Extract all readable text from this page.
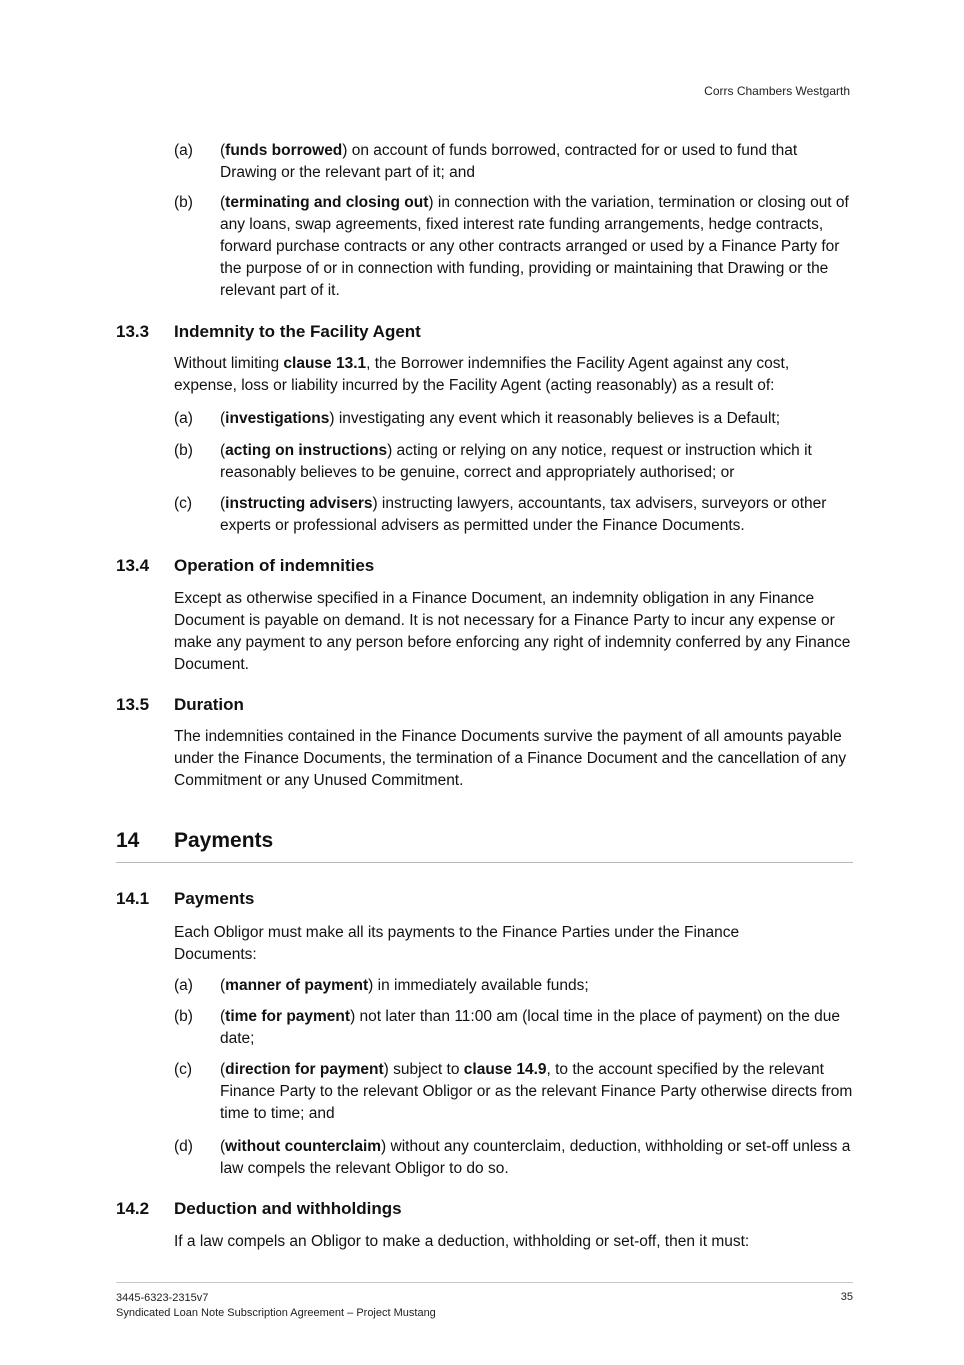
Corrs Chambers Westgarth
(a) (funds borrowed) on account of funds borrowed, contracted for or used to fund that Drawing or the relevant part of it; and
(b) (terminating and closing out) in connection with the variation, termination or closing out of any loans, swap agreements, fixed interest rate funding arrangements, hedge contracts, forward purchase contracts or any other contracts arranged or used by a Finance Party for the purpose of or in connection with funding, providing or maintaining that Drawing or the relevant part of it.
13.3 Indemnity to the Facility Agent
Without limiting clause 13.1, the Borrower indemnifies the Facility Agent against any cost, expense, loss or liability incurred by the Facility Agent (acting reasonably) as a result of:
(a) (investigations) investigating any event which it reasonably believes is a Default;
(b) (acting on instructions) acting or relying on any notice, request or instruction which it reasonably believes to be genuine, correct and appropriately authorised; or
(c) (instructing advisers) instructing lawyers, accountants, tax advisers, surveyors or other experts or professional advisers as permitted under the Finance Documents.
13.4 Operation of indemnities
Except as otherwise specified in a Finance Document, an indemnity obligation in any Finance Document is payable on demand. It is not necessary for a Finance Party to incur any expense or make any payment to any person before enforcing any right of indemnity conferred by any Finance Document.
13.5 Duration
The indemnities contained in the Finance Documents survive the payment of all amounts payable under the Finance Documents, the termination of a Finance Document and the cancellation of any Commitment or any Unused Commitment.
14 Payments
14.1 Payments
Each Obligor must make all its payments to the Finance Parties under the Finance Documents:
(a) (manner of payment) in immediately available funds;
(b) (time for payment) not later than 11:00 am (local time in the place of payment) on the due date;
(c) (direction for payment) subject to clause 14.9, to the account specified by the relevant Finance Party to the relevant Obligor or as the relevant Finance Party otherwise directs from time to time; and
(d) (without counterclaim) without any counterclaim, deduction, withholding or set-off unless a law compels the relevant Obligor to do so.
14.2 Deduction and withholdings
If a law compels an Obligor to make a deduction, withholding or set-off, then it must:
3445-6323-2315v7
Syndicated Loan Note Subscription Agreement – Project Mustang
35
